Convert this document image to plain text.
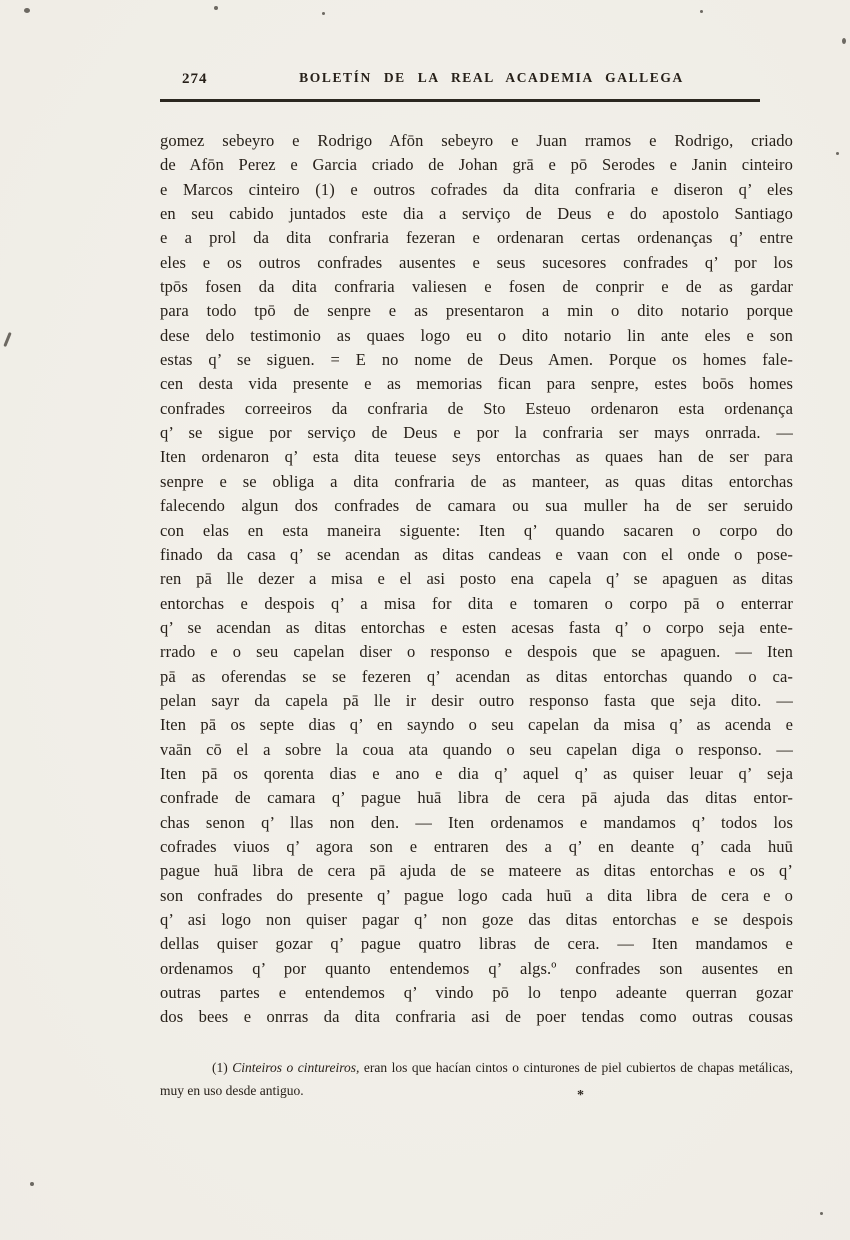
274	BOLETÍN DE LA REAL ACADEMIA GALLEGA
gomez sebeyro e Rodrigo Afōn sebeyro e Juan rramos e Rodrigo, criado
de Afōn Perez e Garcia criado de Johan grā e pō Serodes e Janin cinteiro
e Marcos cinteiro (1) e outros cofrades da dita confraria e diseron q’ eles
en seu cabido juntados este dia a serviço de Deus e do apostolo Santiago
e a prol da dita confraria fezeran e ordenaran certas ordenanças q’ entre
eles e os outros confrades ausentes e seus sucesores confrades q’ por los
tpōs fosen da dita confraria valiesen e fosen de conprir e de as gardar
para todo tpō de senpre e as presentaron a min o dito notario porque
dese delo testimonio as quaes logo eu o dito notario lin ante eles e son
estas q’ se siguen. = E no nome de Deus Amen. Porque os homes fale-
cen desta vida presente e as memorias fican para senpre, estes boōs homes
confrades correeiros da confraria de Sto Esteuo ordenaron esta ordenança
q’ se sigue por serviço de Deus e por la confraria ser mays onrrada. —
Iten ordenaron q’ esta dita teuese seys entorchas as quaes han de ser para
senpre e se obliga a dita confraria de as manteer, as quas ditas entorchas
falecendo algun dos confrades de camara ou sua muller ha de ser seruido
con elas en esta maneira siguente: Iten q’ quando sacaren o corpo do
finado da casa q’ se acendan as ditas candeas e vaan con el onde o pose-
ren pā lle dezer a misa e el asi posto ena capela q’ se apaguen as ditas
entorchas e despois q’ a misa for dita e tomaren o corpo pā o enterrar
q’ se acendan as ditas entorchas e esten acesas fasta q’ o corpo seja ente-
rrado e o seu capelan diser o responso e despois que se apaguen. — Iten
pā as oferendas se se fezeren q’ acendan as ditas entorchas quando o ca-
pelan sayr da capela pā lle ir desir outro responso fasta que seja dito. —
Iten pā os septe dias q’ en sayndo o seu capelan da misa q’ as acenda e
vaān cō el a sobre la coua ata quando o seu capelan diga o responso. —
Iten pā os qorenta dias e ano e dia q’ aquel q’ as quiser leuar q’ seja
confrade de camara q’ pague huā libra de cera pā ajuda das ditas entor-
chas senon q’ llas non den. — Iten ordenamos e mandamos q’ todos los
cofrades viuos q’ agora son e entraren des a q’ en deante q’ cada huū
pague huā libra de cera pā ajuda de se mateere as ditas entorchas e os q’
son confrades do presente q’ pague logo cada huū a dita libra de cera e o
q’ asi logo non quiser pagar q’ non goze das ditas entorchas e se despois
dellas quiser gozar q’ pague quatro libras de cera. — Iten mandamos e
ordenamos q’ por quanto entendemos q’ algs.º confrades son ausentes en
outras partes e entendemos q’ vindo pō lo tenpo adeante querran gozar
dos bees e onrras da dita confraria asi de poer tendas como outras cousas
(1) Cinteiros o cintureiros, eran los que hacían cintos o cinturones de piel cubiertos de chapas metálicas, muy en uso desde antiguo.	*
